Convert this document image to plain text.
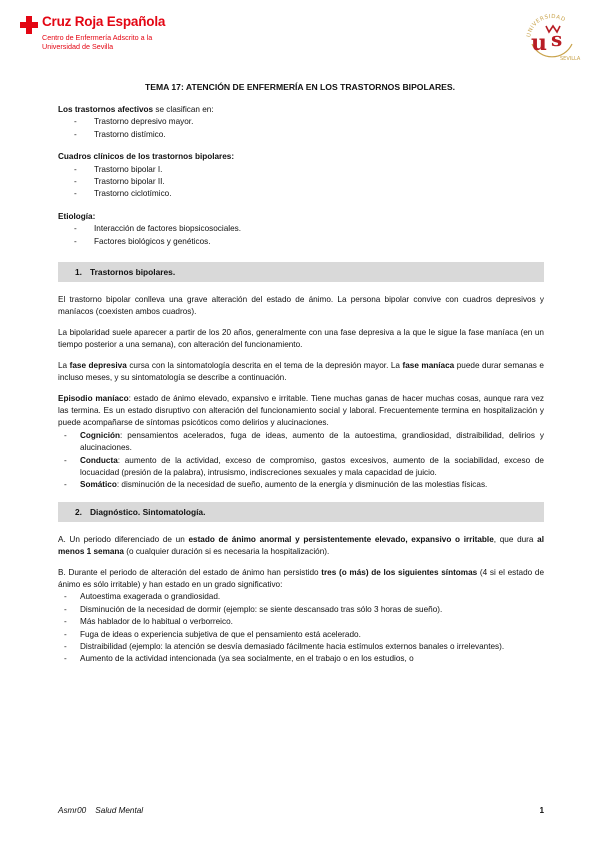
Cruz Roja Española
Centro de Enfermería Adscrito a la
Universidad de Sevilla
UNIVERSIDAD
u s
SEVILLA
TEMA 17: ATENCIÓN DE ENFERMERÍA EN LOS TRASTORNOS BIPOLARES.

Los trastornos afectivos se clasifican en:

- Trastorno depresivo mayor.
- Trastorno distímico.

Cuadros clínicos de los trastornos bipolares:

- Trastorno bipolar I.
- Trastorno bipolar II.
- Trastorno ciclotímico.

Etiología:

- Interacción de factores biopsicosociales.
- Factores biológicos y genéticos.
1. Trastornos bipolares.

El trastorno bipolar conlleva una grave alteración del estado de ánimo. La persona bipolar convive con cuadros depresivos y maníacos (coexisten ambos cuadros).

La bipolaridad suele aparecer a partir de los 20 años, generalmente con una fase depresiva a la que le sigue la fase maníaca (en un tiempo posterior a una semana), con alteración del funcionamiento.

La fase depresiva cursa con la sintomatología descrita en el tema de la depresión mayor. La fase maníaca puede durar semanas e incluso meses, y su sintomatología se describe a continuación.

Episodio maníaco: estado de ánimo elevado, expansivo e irritable. Tiene muchas ganas de hacer muchas cosas, aunque rara vez las termina. Es un estado disruptivo con alteración del funcionamiento social y laboral. Frecuentemente termina en hospitalización y puede acompañarse de síntomas psicóticos como delirios y alucinaciones.

- Cognición: pensamientos acelerados, fuga de ideas, aumento de la autoestima, grandiosidad, distraibilidad, delirios y alucinaciones.
- Conducta: aumento de la actividad, exceso de compromiso, gastos excesivos, aumento de la sociabilidad, exceso de locuacidad (presión de la palabra), intrusismo, indiscreciones sexuales y mala capacidad de juicio.
- Somático: disminución de la necesidad de sueño, aumento de la energía y disminución de las molestias físicas.
2. Diagnóstico. Sintomatología.

A. Un periodo diferenciado de un estado de ánimo anormal y persistentemente elevado, expansivo o irritable, que dura al menos 1 semana (o cualquier duración si es necesaria la hospitalización).

B. Durante el periodo de alteración del estado de ánimo han persistido tres (o más) de los siguientes síntomas (4 si el estado de ánimo es sólo irritable) y han estado en un grado significativo:

- Autoestima exagerada o grandiosidad.
- Disminución de la necesidad de dormir (ejemplo: se siente descansado tras sólo 3 horas de sueño).
- Más hablador de lo habitual o verborreico.
- Fuga de ideas o experiencia subjetiva de que el pensamiento está acelerado.
- Distraibilidad (ejemplo: la atención se desvía demasiado fácilmente hacia estímulos externos banales o irrelevantes).
- Aumento de la actividad intencionada (ya sea socialmente, en el trabajo o en los estudios, o
Asmr00    Salud Mental	1
